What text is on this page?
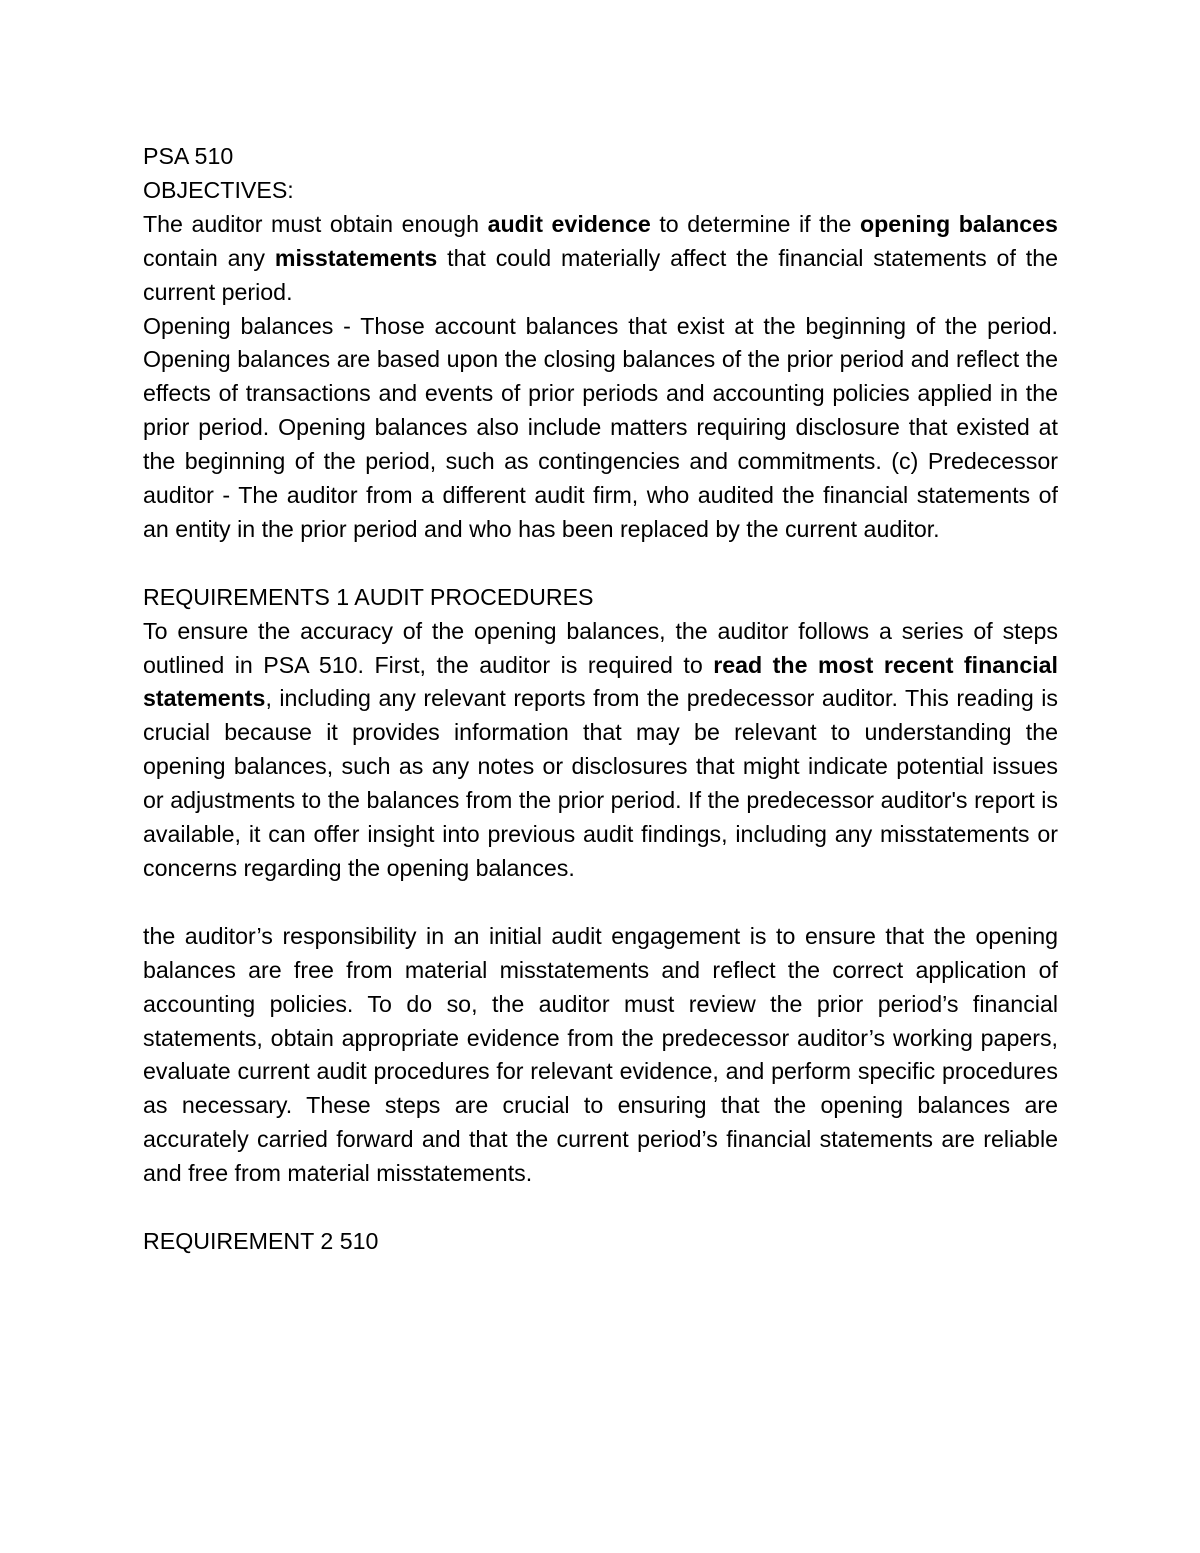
PSA 510

OBJECTIVES:

The auditor must obtain enough audit evidence to determine if the opening balances contain any misstatements that could materially affect the financial statements of the current period.

Opening balances - Those account balances that exist at the beginning of the period. Opening balances are based upon the closing balances of the prior period and reflect the effects of transactions and events of prior periods and accounting policies applied in the prior period. Opening balances also include matters requiring disclosure that existed at the beginning of the period, such as contingencies and commitments. (c) Predecessor auditor - The auditor from a different audit firm, who audited the financial statements of an entity in the prior period and who has been replaced by the current auditor.

REQUIREMENTS 1 AUDIT PROCEDURES

To ensure the accuracy of the opening balances, the auditor follows a series of steps outlined in PSA 510. First, the auditor is required to read the most recent financial statements, including any relevant reports from the predecessor auditor. This reading is crucial because it provides information that may be relevant to understanding the opening balances, such as any notes or disclosures that might indicate potential issues or adjustments to the balances from the prior period. If the predecessor auditor's report is available, it can offer insight into previous audit findings, including any misstatements or concerns regarding the opening balances.

the auditor’s responsibility in an initial audit engagement is to ensure that the opening balances are free from material misstatements and reflect the correct application of accounting policies. To do so, the auditor must review the prior period’s financial statements, obtain appropriate evidence from the predecessor auditor’s working papers, evaluate current audit procedures for relevant evidence, and perform specific procedures as necessary. These steps are crucial to ensuring that the opening balances are accurately carried forward and that the current period’s financial statements are reliable and free from material misstatements.

REQUIREMENT 2 510
